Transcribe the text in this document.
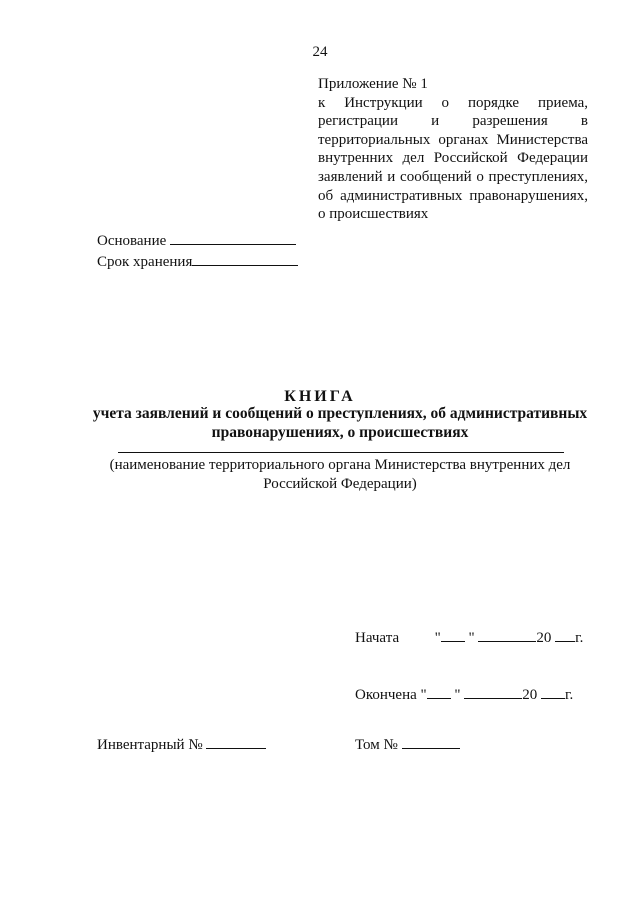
24
Приложение № 1
к Инструкции о порядке приема, регистрации и разрешения в территориальных органах Министерства внутренних дел Российской Федерации заявлений и сообщений о преступлениях, об административных правонарушениях, о происшествиях
Основание
Срок хранения
КНИГА
учета заявлений и сообщений о преступлениях, об административных правонарушениях, о происшествиях
(наименование территориального органа Министерства внутренних дел Российской Федерации)
Начата " "	20 г.
Окончена " "	20 г.
Инвентарный №	Том №
